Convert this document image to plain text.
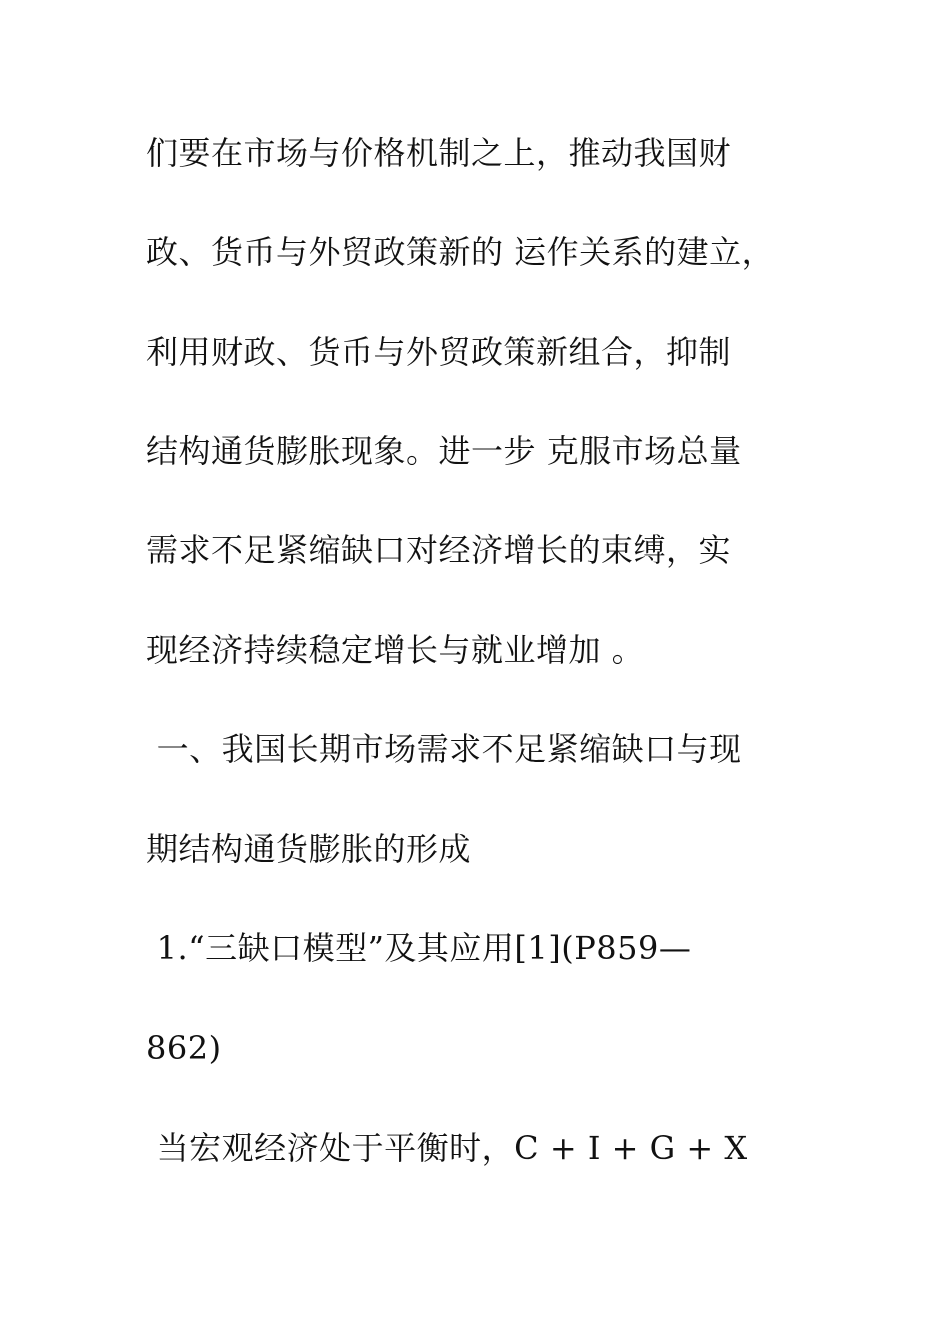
们要在市场与价格机制之上，推动我国财
政、货币与外贸政策新的 运作关系的建立，
利用财政、货币与外贸政策新组合，抑制
结构通货膨胀现象。进一步 克服市场总量
需求不足紧缩缺口对经济增长的束缚，实
现经济持续稳定增长与就业增加 。
一、我国长期市场需求不足紧缩缺口与现
期结构通货膨胀的形成
1.“三缺口模型”及其应用[1](P859—
862)
当宏观经济处于平衡时，C + I + G + X
